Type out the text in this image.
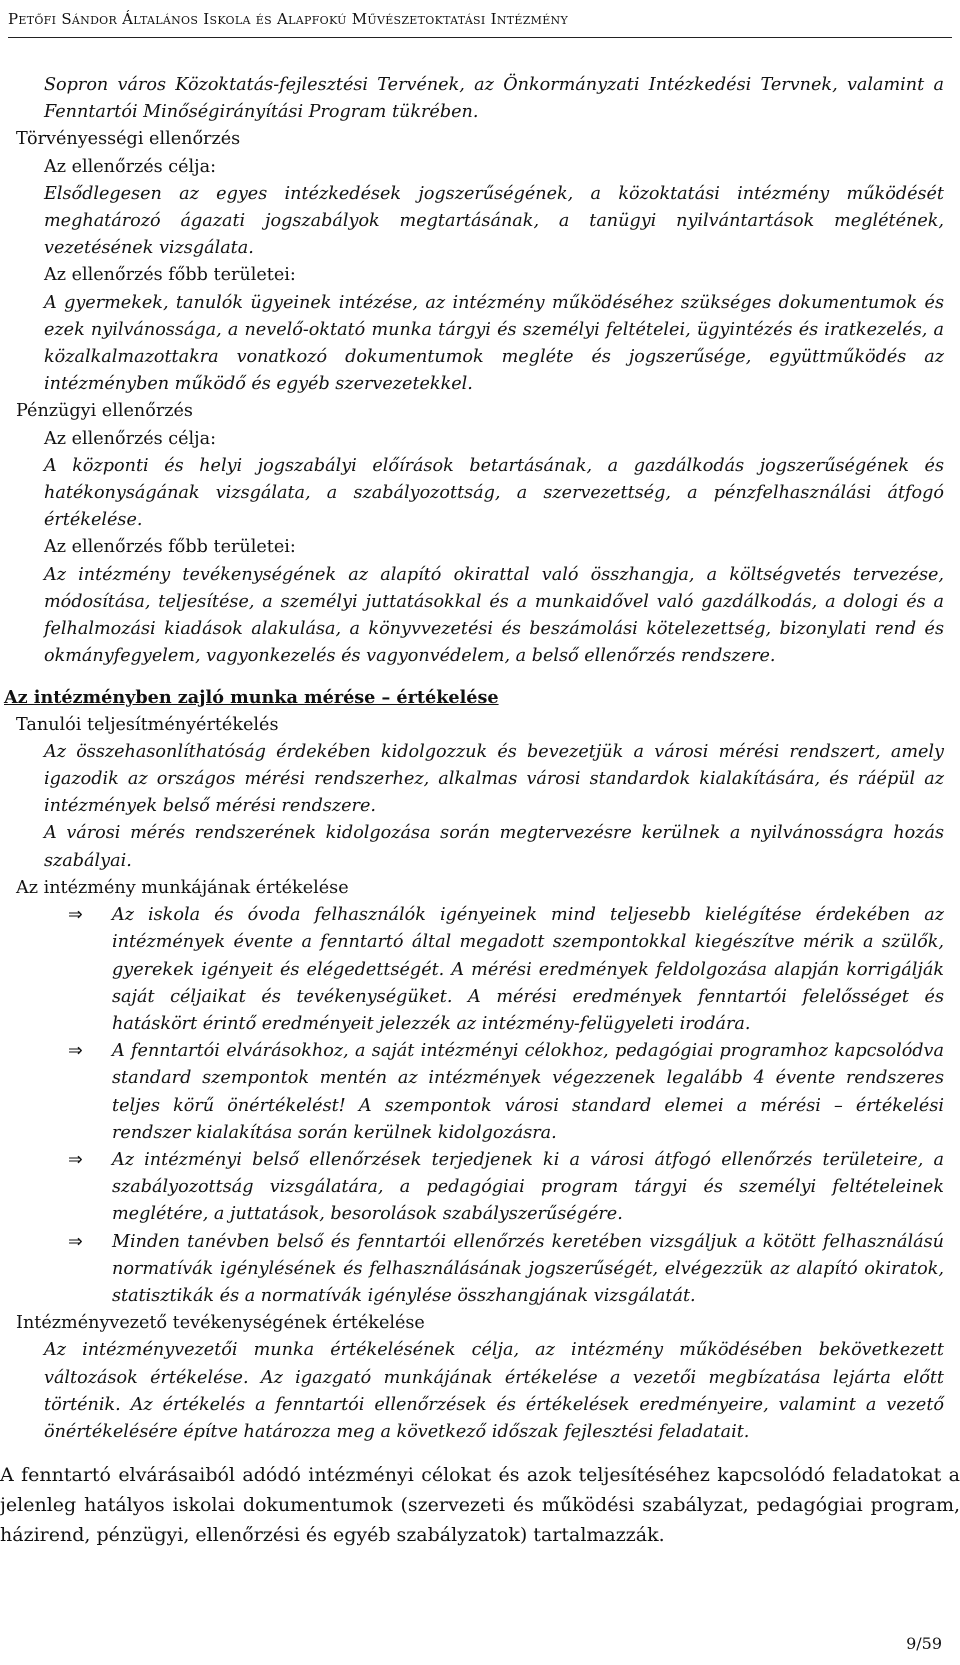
Petőfi Sándor Általános Iskola és Alapfokú Művészetoktatási Intézmény

Sopron város Közoktatás-fejlesztési Tervének, az Önkormányzati Intézkedési Tervnek, valamint a Fenntartói Minőségirányítási Program tükrében.

Törvényességi ellenőrzés

Az ellenőrzés célja:

Elsődlegesen az egyes intézkedések jogszerűségének, a közoktatási intézmény működését meghatározó ágazati jogszabályok megtartásának, a tanügyi nyilvántartások meglétének, vezetésének vizsgálata.

Az ellenőrzés főbb területei:

A gyermekek, tanulók ügyeinek intézése, az intézmény működéséhez szükséges dokumentumok és ezek nyilvánossága, a nevelő-oktató munka tárgyi és személyi feltételei, ügyintézés és iratkezelés, a közalkalmazottakra vonatkozó dokumentumok megléte és jogszerűsége, együttműködés az intézményben működő és egyéb szervezetekkel.

Pénzügyi ellenőrzés

Az ellenőrzés célja:

A központi és helyi jogszabályi előírások betartásának, a gazdálkodás jogszerűségének és hatékonyságának vizsgálata, a szabályozottság, a szervezettség, a pénzfelhasználási átfogó értékelése.

Az ellenőrzés főbb területei:

Az intézmény tevékenységének az alapító okirattal való összhangja, a költségvetés tervezése, módosítása, teljesítése, a személyi juttatásokkal és a munkaidővel való gazdálkodás, a dologi és a felhalmozási kiadások alakulása, a könyvvezetési és beszámolási kötelezettség, bizonylati rend és okmányfegyelem, vagyonkezelés és vagyonvédelem, a belső ellenőrzés rendszere.

Az intézményben zajló munka mérése – értékelése

Tanulói teljesítményértékelés

Az összehasonlíthatóság érdekében kidolgozzuk és bevezetjük a városi mérési rendszert, amely igazodik az országos mérési rendszerhez, alkalmas városi standardok kialakítására, és ráépül az intézmények belső mérési rendszere.

A városi mérés rendszerének kidolgozása során megtervezésre kerülnek a nyilvánosságra hozás szabályai.

Az intézmény munkájának értékelése

⇒	Az iskola és óvoda felhasználók igényeinek mind teljesebb kielégítése érdekében az intézmények évente a fenntartó által megadott szempontokkal kiegészítve mérik a szülők, gyerekek igényeit és elégedettségét. A mérési eredmények feldolgozása alapján korrigálják saját céljaikat és tevékenységüket. A mérési eredmények fenntartói felelősséget és hatáskört érintő eredményeit jelezzék az intézmény-felügyeleti irodára.
⇒	A fenntartói elvárásokhoz, a saját intézményi célokhoz, pedagógiai programhoz kapcsolódva standard szempontok mentén az intézmények végezzenek legalább 4 évente rendszeres teljes körű önértékelést! A szempontok városi standard elemei a mérési – értékelési rendszer kialakítása során kerülnek kidolgozásra.
⇒	Az intézményi belső ellenőrzések terjedjenek ki a városi átfogó ellenőrzés területeire, a szabályozottság vizsgálatára, a pedagógiai program tárgyi és személyi feltételeinek meglétére, a juttatások, besorolások szabályszerűségére.
⇒	Minden tanévben belső és fenntartói ellenőrzés keretében vizsgáljuk a kötött felhasználású normatívák igénylésének és felhasználásának jogszerűségét, elvégezzük az alapító okiratok, statisztikák és a normatívák igénylése összhangjának vizsgálatát.

Intézményvezető tevékenységének értékelése

Az intézményvezetői munka értékelésének célja, az intézmény működésében bekövetkezett változások értékelése. Az igazgató munkájának értékelése a vezetői megbízatása lejárta előtt történik. Az értékelés a fenntartói ellenőrzések és értékelések eredményeire, valamint a vezető önértékelésére építve határozza meg a következő időszak fejlesztési feladatait.

A fenntartó elvárásaiból adódó intézményi célokat és azok teljesítéséhez kapcsolódó feladatokat a jelenleg hatályos iskolai dokumentumok (szervezeti és működési szabályzat, pedagógiai program, házirend, pénzügyi, ellenőrzési és egyéb szabályzatok) tartalmazzák.

9/59
